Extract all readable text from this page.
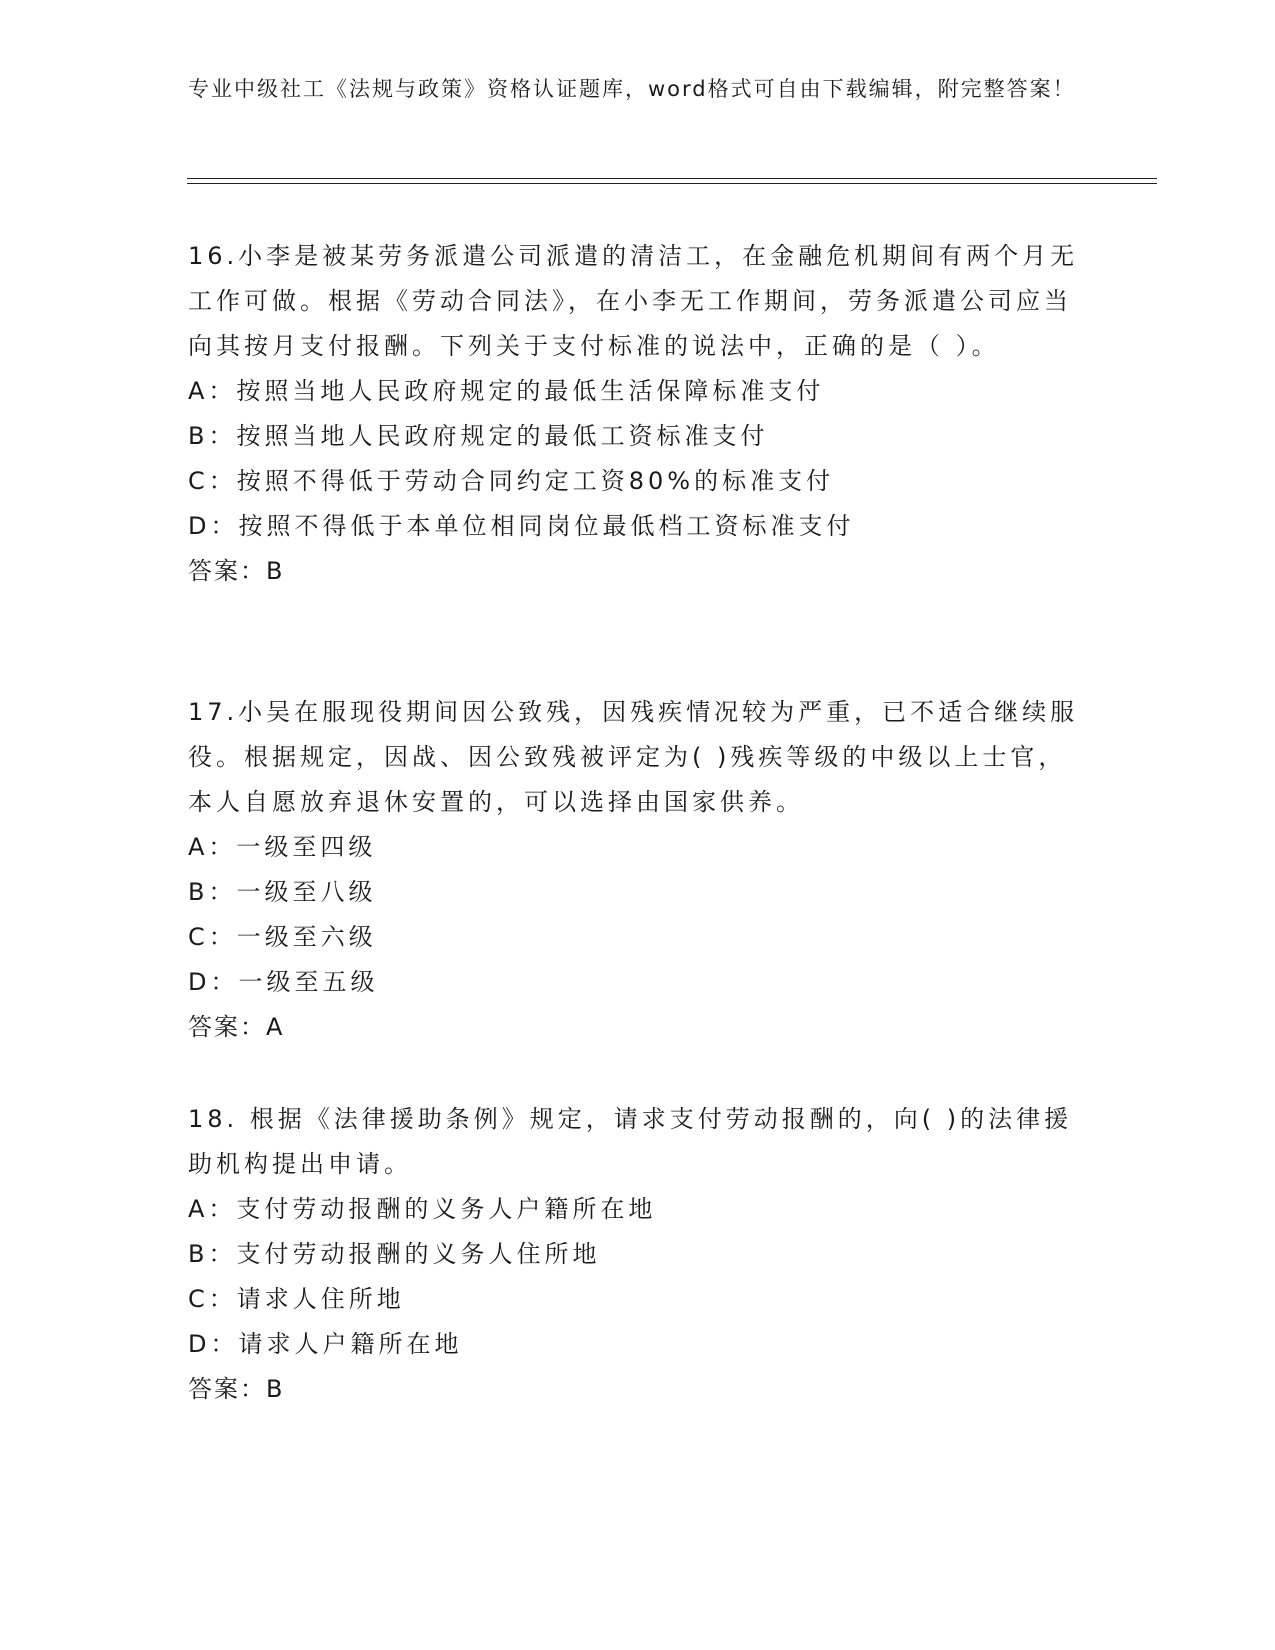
专业中级社工《法规与政策》资格认证题库，word格式可自由下载编辑，附完整答案！

16.小李是被某劳务派遣公司派遣的清洁工，在金融危机期间有两个月无工作可做。根据《劳动合同法》，在小李无工作期间，劳务派遣公司应当向其按月支付报酬。下列关于支付标准的说法中，正确的是（ ）。

A：按照当地人民政府规定的最低生活保障标准支付

B：按照当地人民政府规定的最低工资标准支付

C：按照不得低于劳动合同约定工资80%的标准支付

D：按照不得低于本单位相同岗位最低档工资标准支付

答案：B

17.小吴在服现役期间因公致残，因残疾情况较为严重，已不适合继续服役。根据规定，因战、因公致残被评定为( )残疾等级的中级以上士官，本人自愿放弃退休安置的，可以选择由国家供养。

A：一级至四级

B：一级至八级

C：一级至六级

D：一级至五级

答案：A

18. 根据《法律援助条例》规定，请求支付劳动报酬的，向( )的法律援助机构提出申请。

A：支付劳动报酬的义务人户籍所在地

B：支付劳动报酬的义务人住所地

C：请求人住所地

D：请求人户籍所在地

答案：B
